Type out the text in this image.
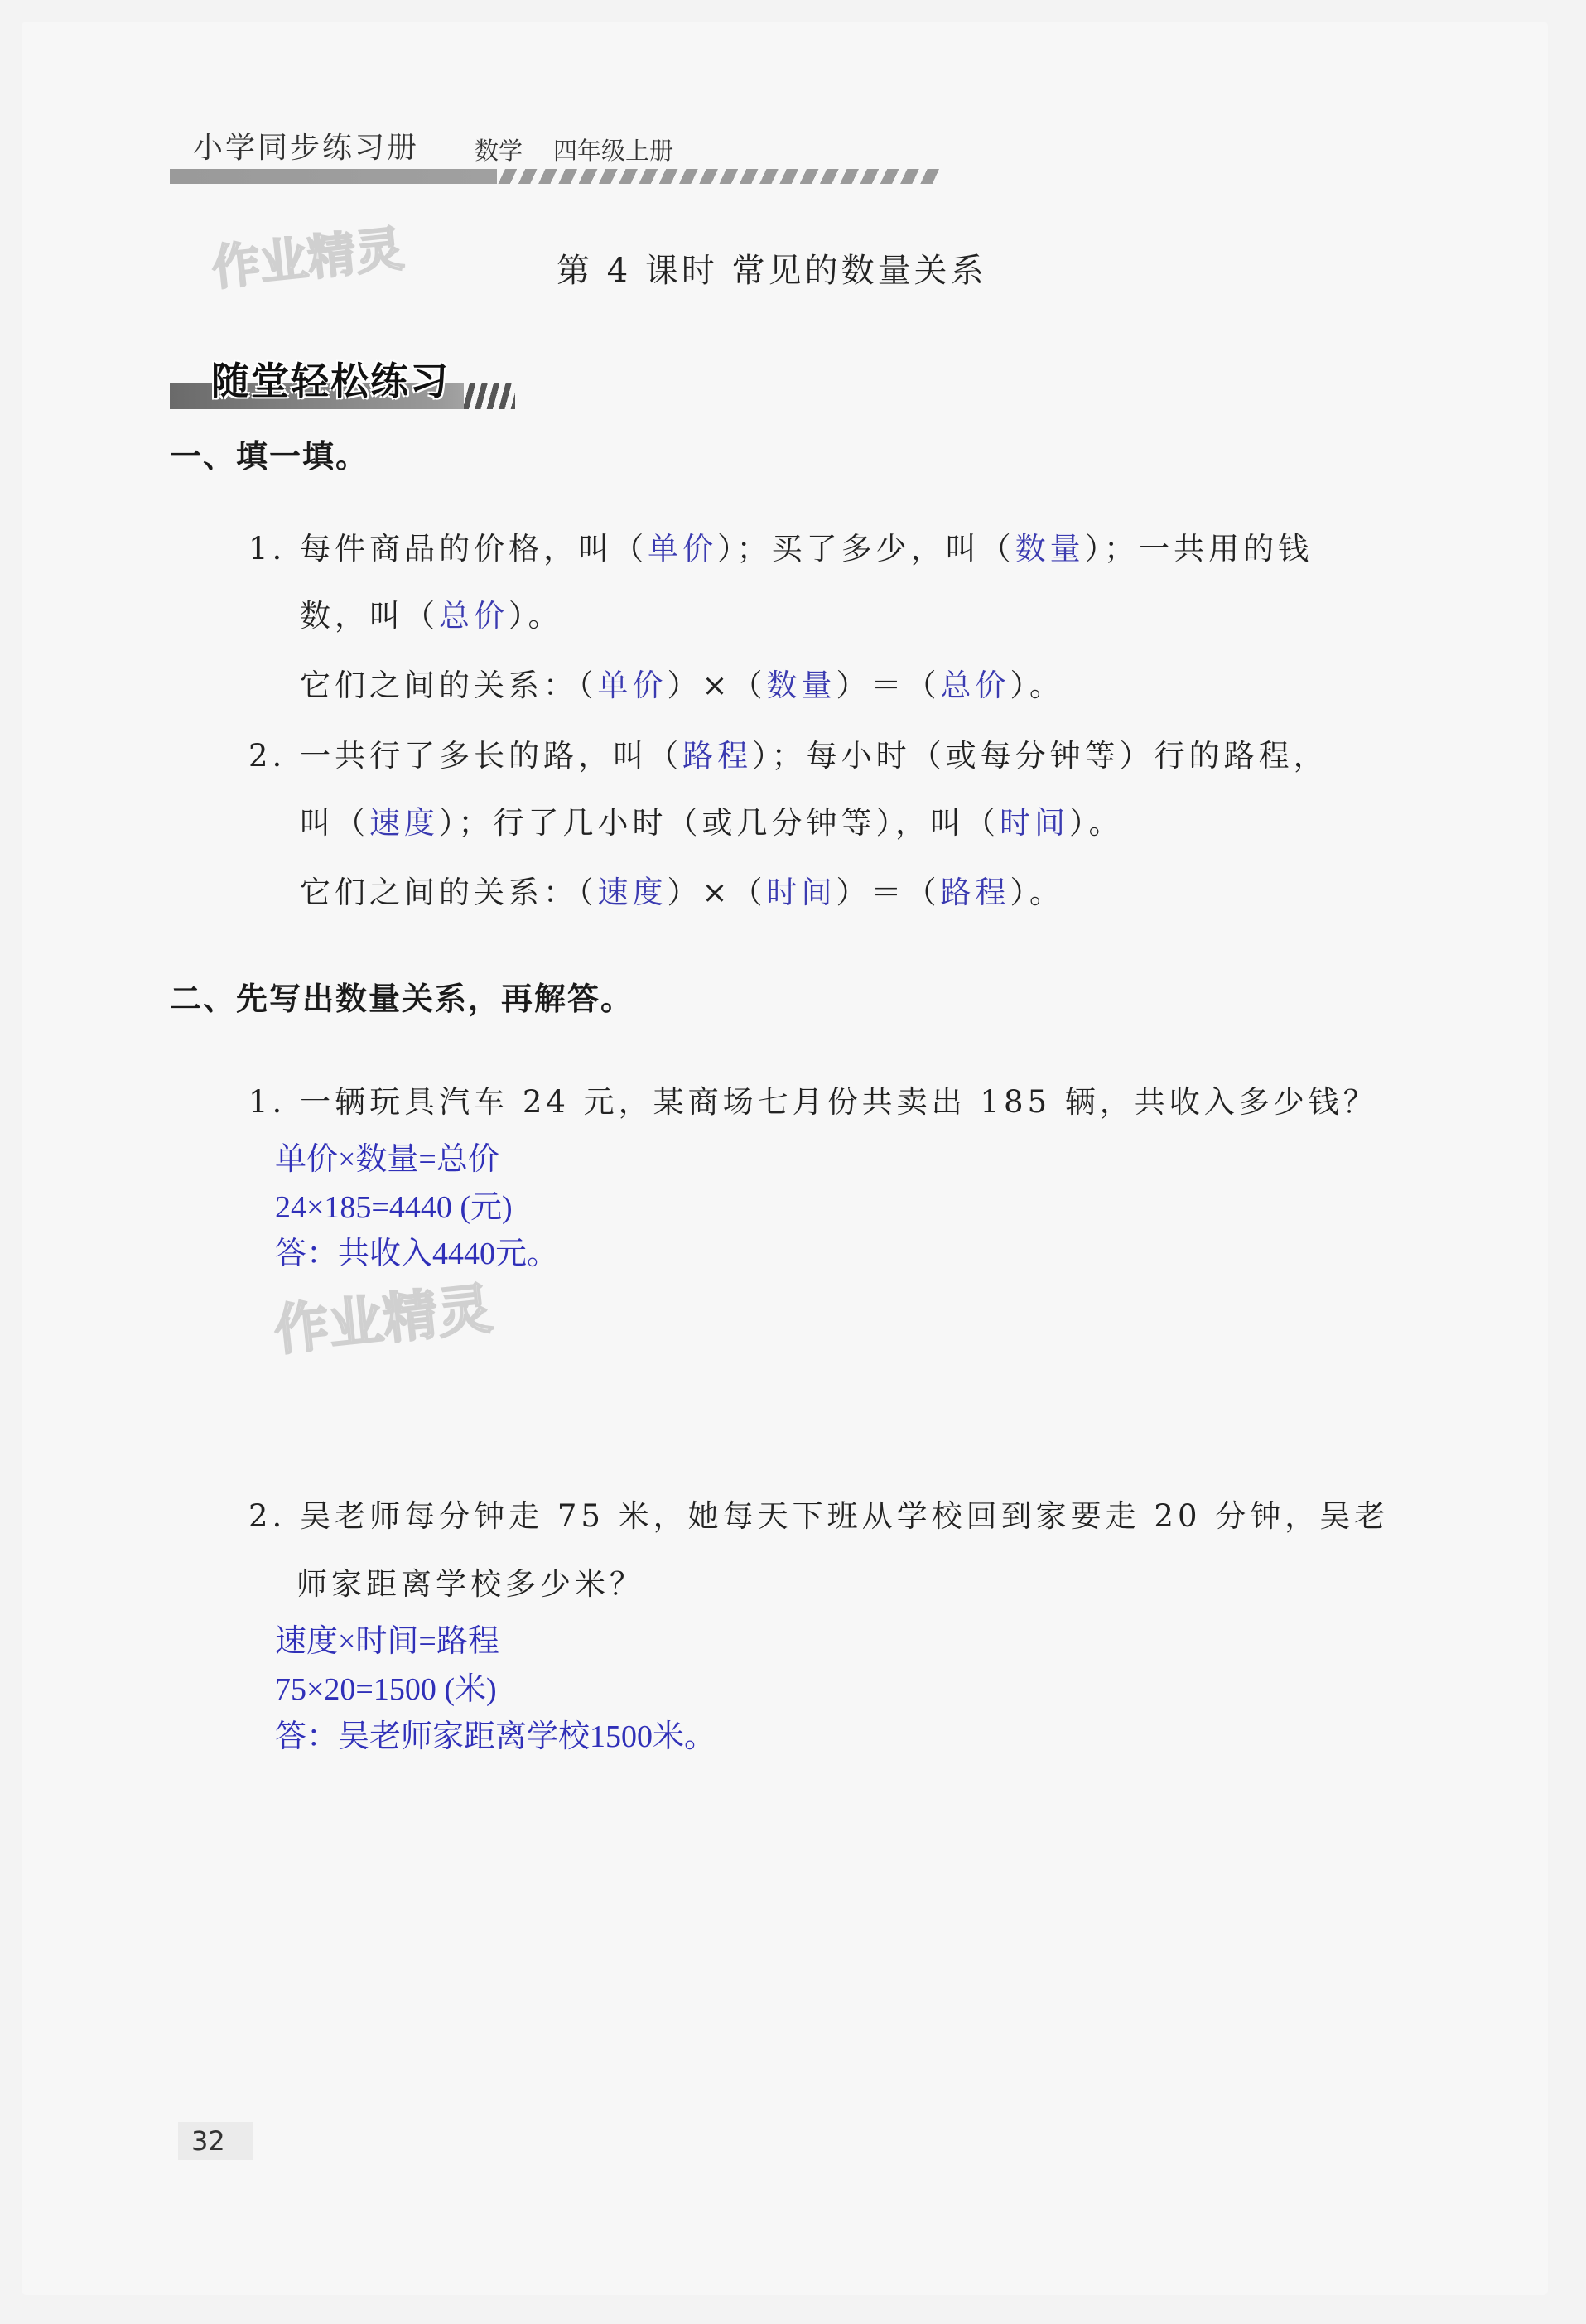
小学同步练习册 数学 四年级上册
作业精灵
作业精灵
第 4 课时 常见的数量关系
随堂轻松练习
一、填一填。
1. 每件商品的价格，叫（单价）；买了多少，叫（数量）；一共用的钱
数，叫（总价）。
它们之间的关系：（单价）×（数量）＝（总价）。
2. 一共行了多长的路，叫（路程）；每小时（或每分钟等）行的路程，
叫（速度）；行了几小时（或几分钟等），叫（时间）。
它们之间的关系：（速度）×（时间）＝（路程）。
二、先写出数量关系，再解答。
1. 一辆玩具汽车 24 元，某商场七月份共卖出 185 辆，共收入多少钱？
单价×数量=总价
24×185=4440 (元)
答：共收入4440元。
2. 吴老师每分钟走 75 米，她每天下班从学校回到家要走 20 分钟，吴老
师家距离学校多少米？
速度×时间=路程
75×20=1500 (米)
答：吴老师家距离学校1500米。
32
